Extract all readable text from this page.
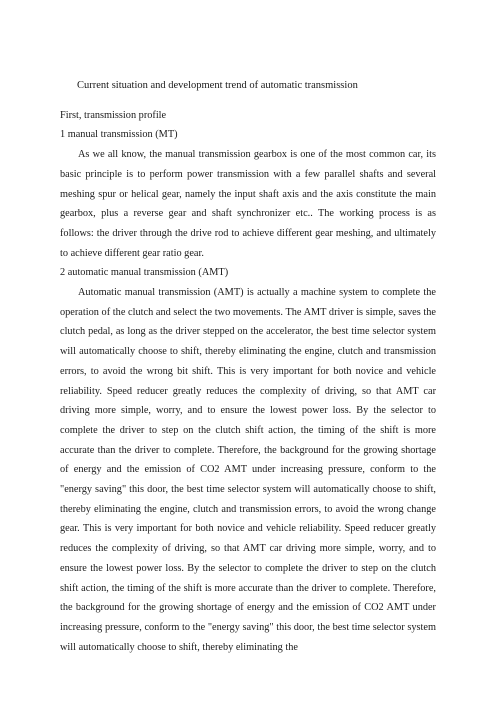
Current situation and development trend of automatic transmission

First, transmission profile

1 manual transmission (MT)

As we all know, the manual transmission gearbox is one of the most common car, its basic principle is to perform power transmission with a few parallel shafts and several meshing spur or helical gear, namely the input shaft axis and the axis constitute the main gearbox, plus a reverse gear and shaft synchronizer etc.. The working process is as follows: the driver through the drive rod to achieve different gear meshing, and ultimately to achieve different gear ratio gear.

2 automatic manual transmission (AMT)

Automatic manual transmission (AMT) is actually a machine system to complete the operation of the clutch and select the two movements. The AMT driver is simple, saves the clutch pedal, as long as the driver stepped on the accelerator, the best time selector system will automatically choose to shift, thereby eliminating the engine, clutch and transmission errors, to avoid the wrong bit shift. This is very important for both novice and vehicle reliability. Speed reducer greatly reduces the complexity of driving, so that AMT car driving more simple, worry, and to ensure the lowest power loss. By the selector to complete the driver to step on the clutch shift action, the timing of the shift is more accurate than the driver to complete. Therefore, the background for the growing shortage of energy and the emission of CO2 AMT under increasing pressure, conform to the "energy saving" this door, the best time selector system will automatically choose to shift, thereby eliminating the engine, clutch and transmission errors, to avoid the wrong change gear. This is very important for both novice and vehicle reliability. Speed reducer greatly reduces the complexity of driving, so that AMT car driving more simple, worry, and to ensure the lowest power loss. By the selector to complete the driver to step on the clutch shift action, the timing of the shift is more accurate than the driver to complete. Therefore, the background for the growing shortage of energy and the emission of CO2 AMT under increasing pressure, conform to the "energy saving" this door, the best time selector system will automatically choose to shift, thereby eliminating the
